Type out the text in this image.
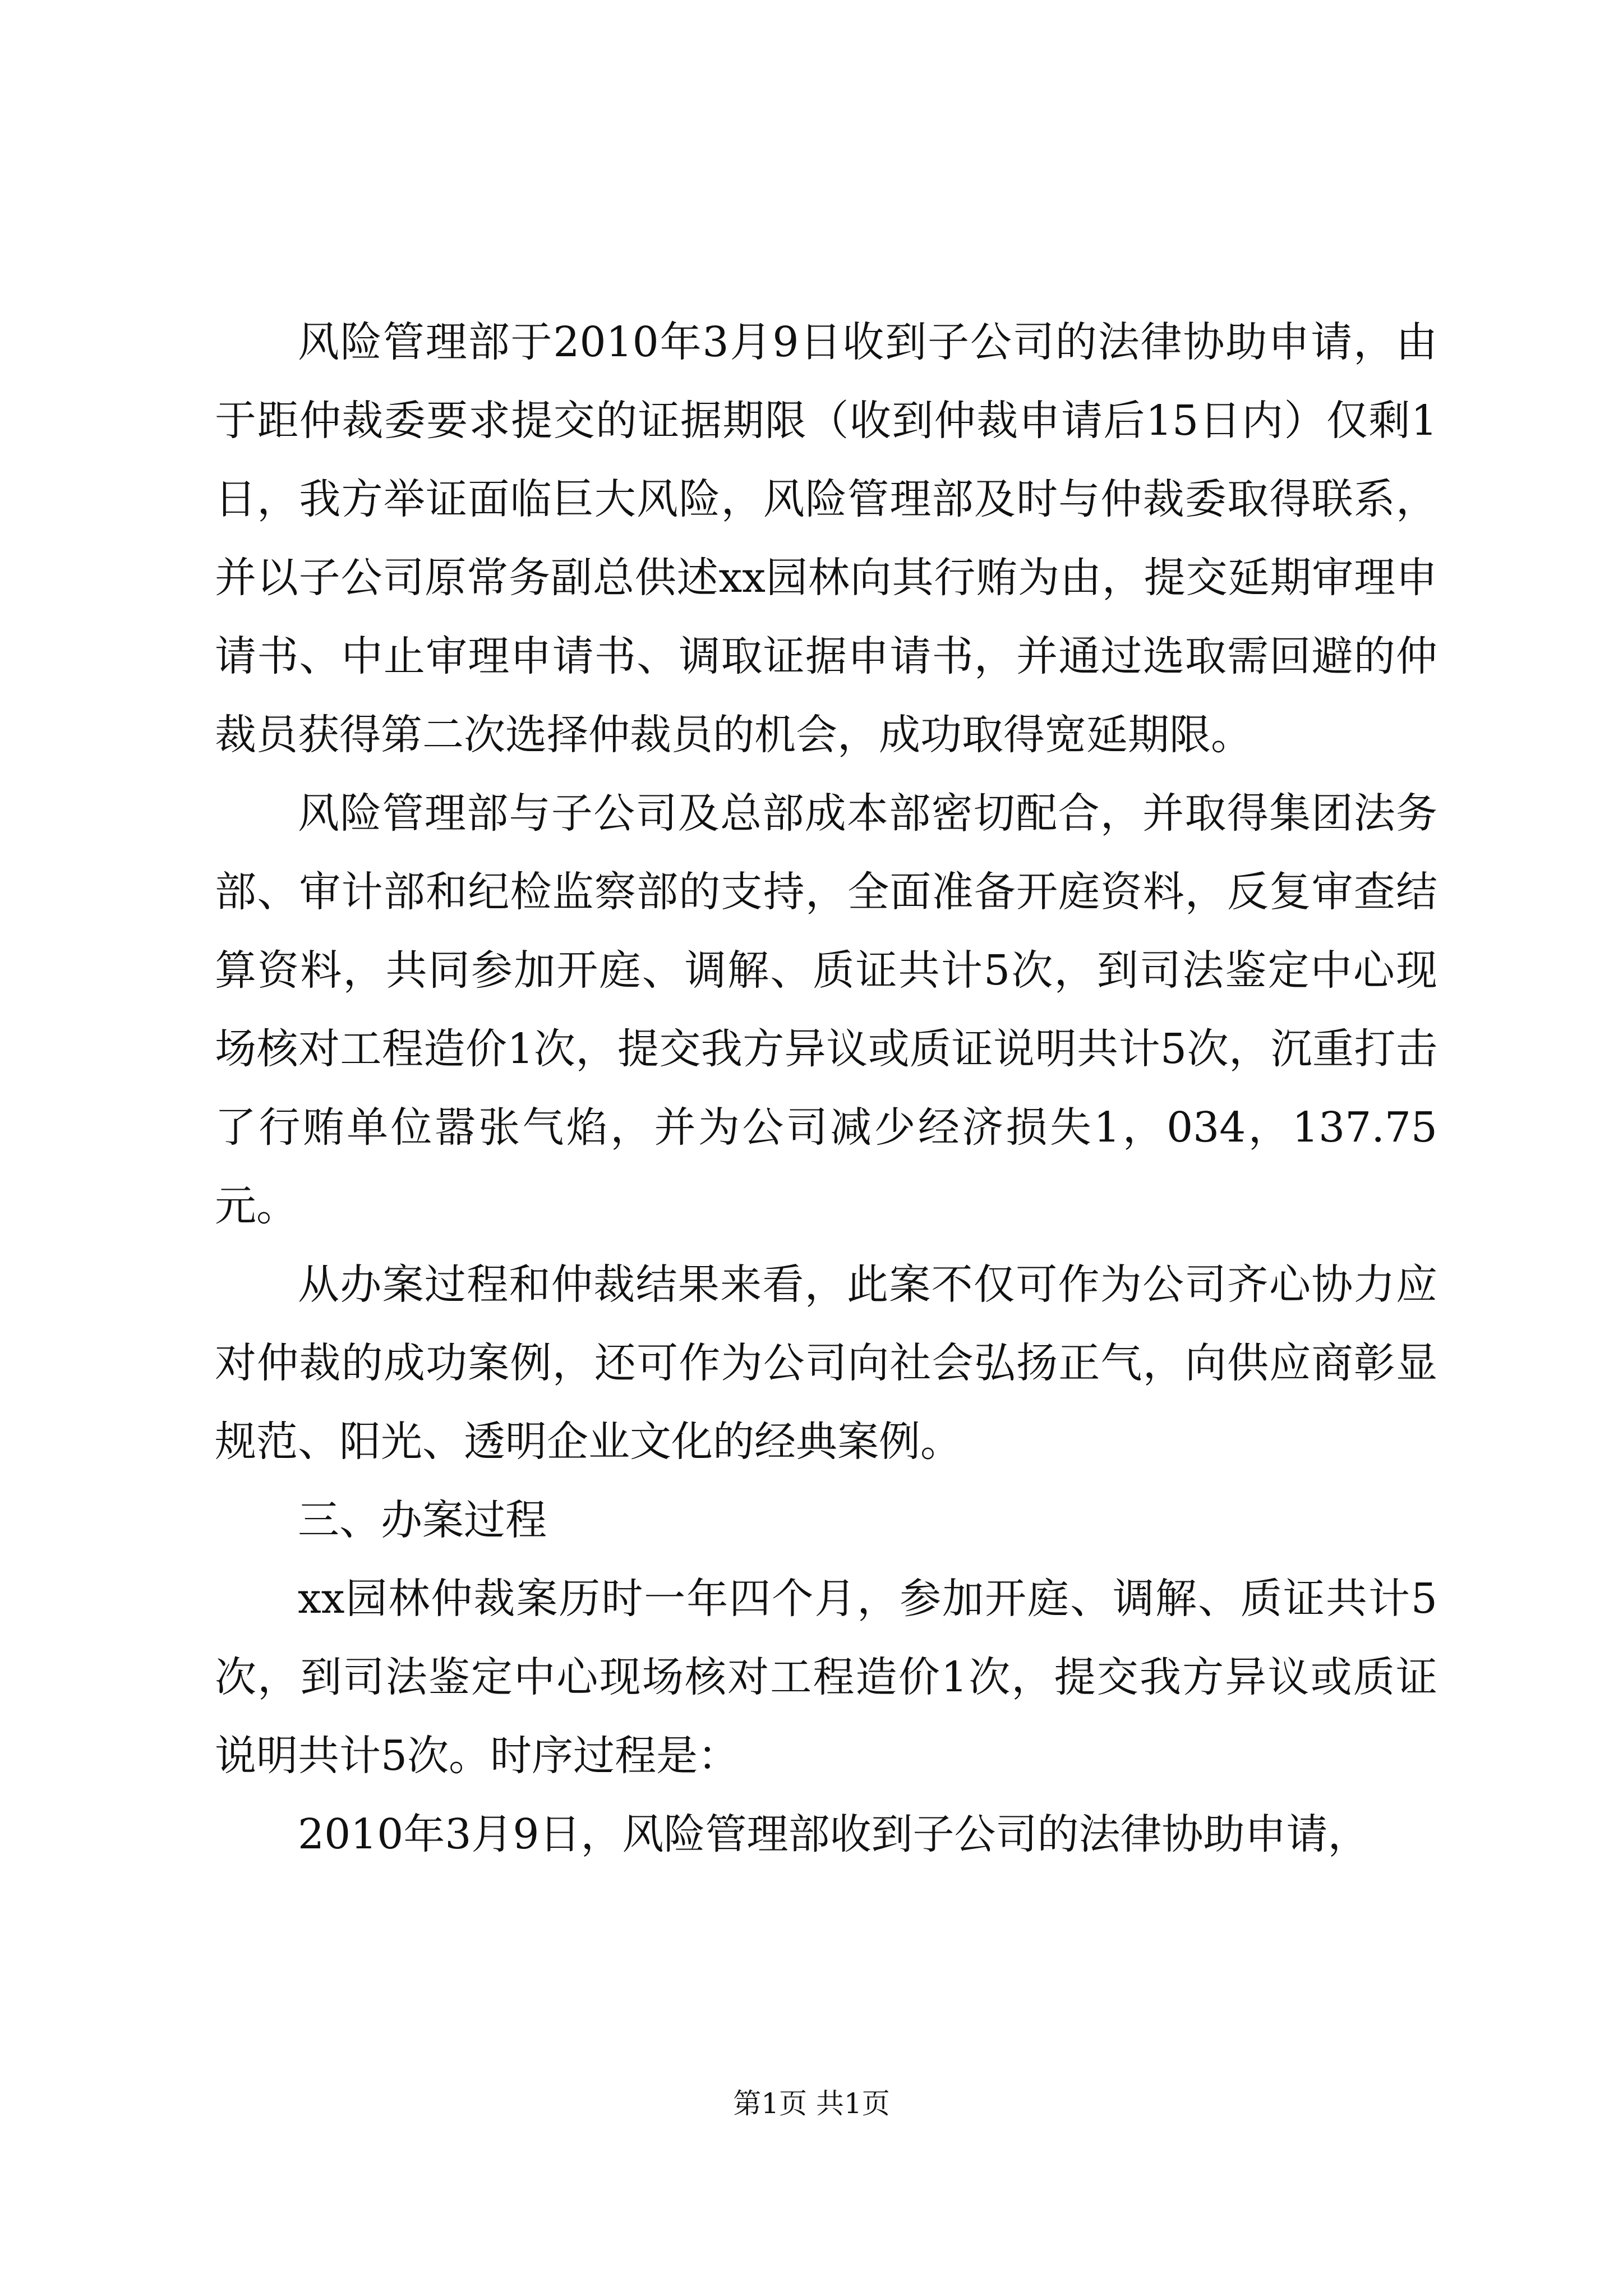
风险管理部于2010年3月9日收到子公司的法律协助申请，由于距仲裁委要求提交的证据期限（收到仲裁申请后15日内）仅剩1日，我方举证面临巨大风险，风险管理部及时与仲裁委取得联系，并以子公司原常务副总供述xx园林向其行贿为由，提交延期审理申请书、中止审理申请书、调取证据申请书，并通过选取需回避的仲裁员获得第二次选择仲裁员的机会，成功取得宽延期限。

风险管理部与子公司及总部成本部密切配合，并取得集团法务部、审计部和纪检监察部的支持，全面准备开庭资料，反复审查结算资料，共同参加开庭、调解、质证共计5次，到司法鉴定中心现场核对工程造价1次，提交我方异议或质证说明共计5次，沉重打击了行贿单位嚣张气焰，并为公司减少经济损失1，034，137.75元。

从办案过程和仲裁结果来看，此案不仅可作为公司齐心协力应对仲裁的成功案例，还可作为公司向社会弘扬正气，向供应商彰显规范、阳光、透明企业文化的经典案例。

三、办案过程

xx园林仲裁案历时一年四个月，参加开庭、调解、质证共计5次，到司法鉴定中心现场核对工程造价1次，提交我方异议或质证说明共计5次。时序过程是：

2010年3月9日，风险管理部收到子公司的法律协助申请，

第1页 共1页
